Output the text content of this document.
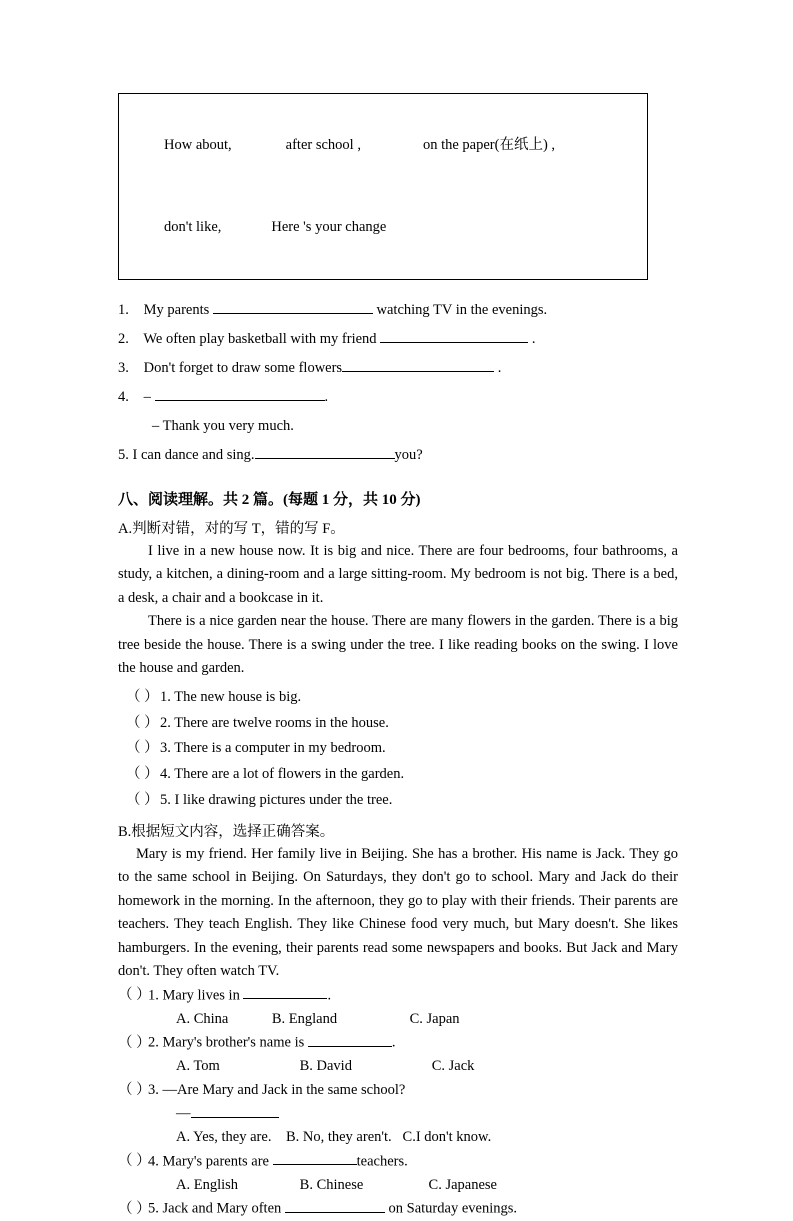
How about,	after school ,	on the paper(在纸上) ,

don't like,	Here 's your change

1. My parents	watching TV in the evenings.
2. We often play basketball with my friend	.
3. Don't forget to draw some flowers	.
4. –	.
– Thank you very much.
5. I can dance and sing.	you?
八、阅读理解。共 2 篇。(每题 1 分，共 10 分)
A.判断对错，对的写 T，错的写 F。

I live in a new house now. It is big and nice. There are four bedrooms, four bathrooms, a study, a kitchen, a dining-room and a large sitting-room. My bedroom is not big. There is a bed, a desk, a chair and a bookcase in it.

There is a nice garden near the house. There are many flowers in the garden. There is a big tree beside the house. There is a swing under the tree. I like reading books on the swing. I love the house and garden.

（ ）1. The new house is big.
（ ）2. There are twelve rooms in the house.
（ ）3. There is a computer in my bedroom.
（ ）4. There are a lot of flowers in the garden.
（ ）5. I like drawing pictures under the tree.
B.根据短文内容，选择正确答案。

Mary is my friend. Her family live in Beijing. She has a brother. His name is Jack. They go to the same school in Beijing. On Saturdays, they don't go to school. Mary and Jack do their homework in the morning. In the afternoon, they go to play with their friends. Their parents are teachers. They teach English. They like Chinese food very much, but Mary doesn't. She likes hamburgers. In the evening, their parents read some newspapers and books. But Jack and Mary don't. They often watch TV.

（ ）1. Mary lives in	.
A. China            B. England                    C. Japan
（ ）2. Mary's brother's name is	.
A. Tom                      B. David                      C. Jack
（ ）3. —Are Mary and Jack in the same school?
—
A. Yes, they are.    B. No, they aren't.   C.I don't know.
（ ）4. Mary's parents are	teachers.
A. English                 B. Chinese                  C. Japanese
（ ）5. Jack and Mary often	on Saturday evenings.
